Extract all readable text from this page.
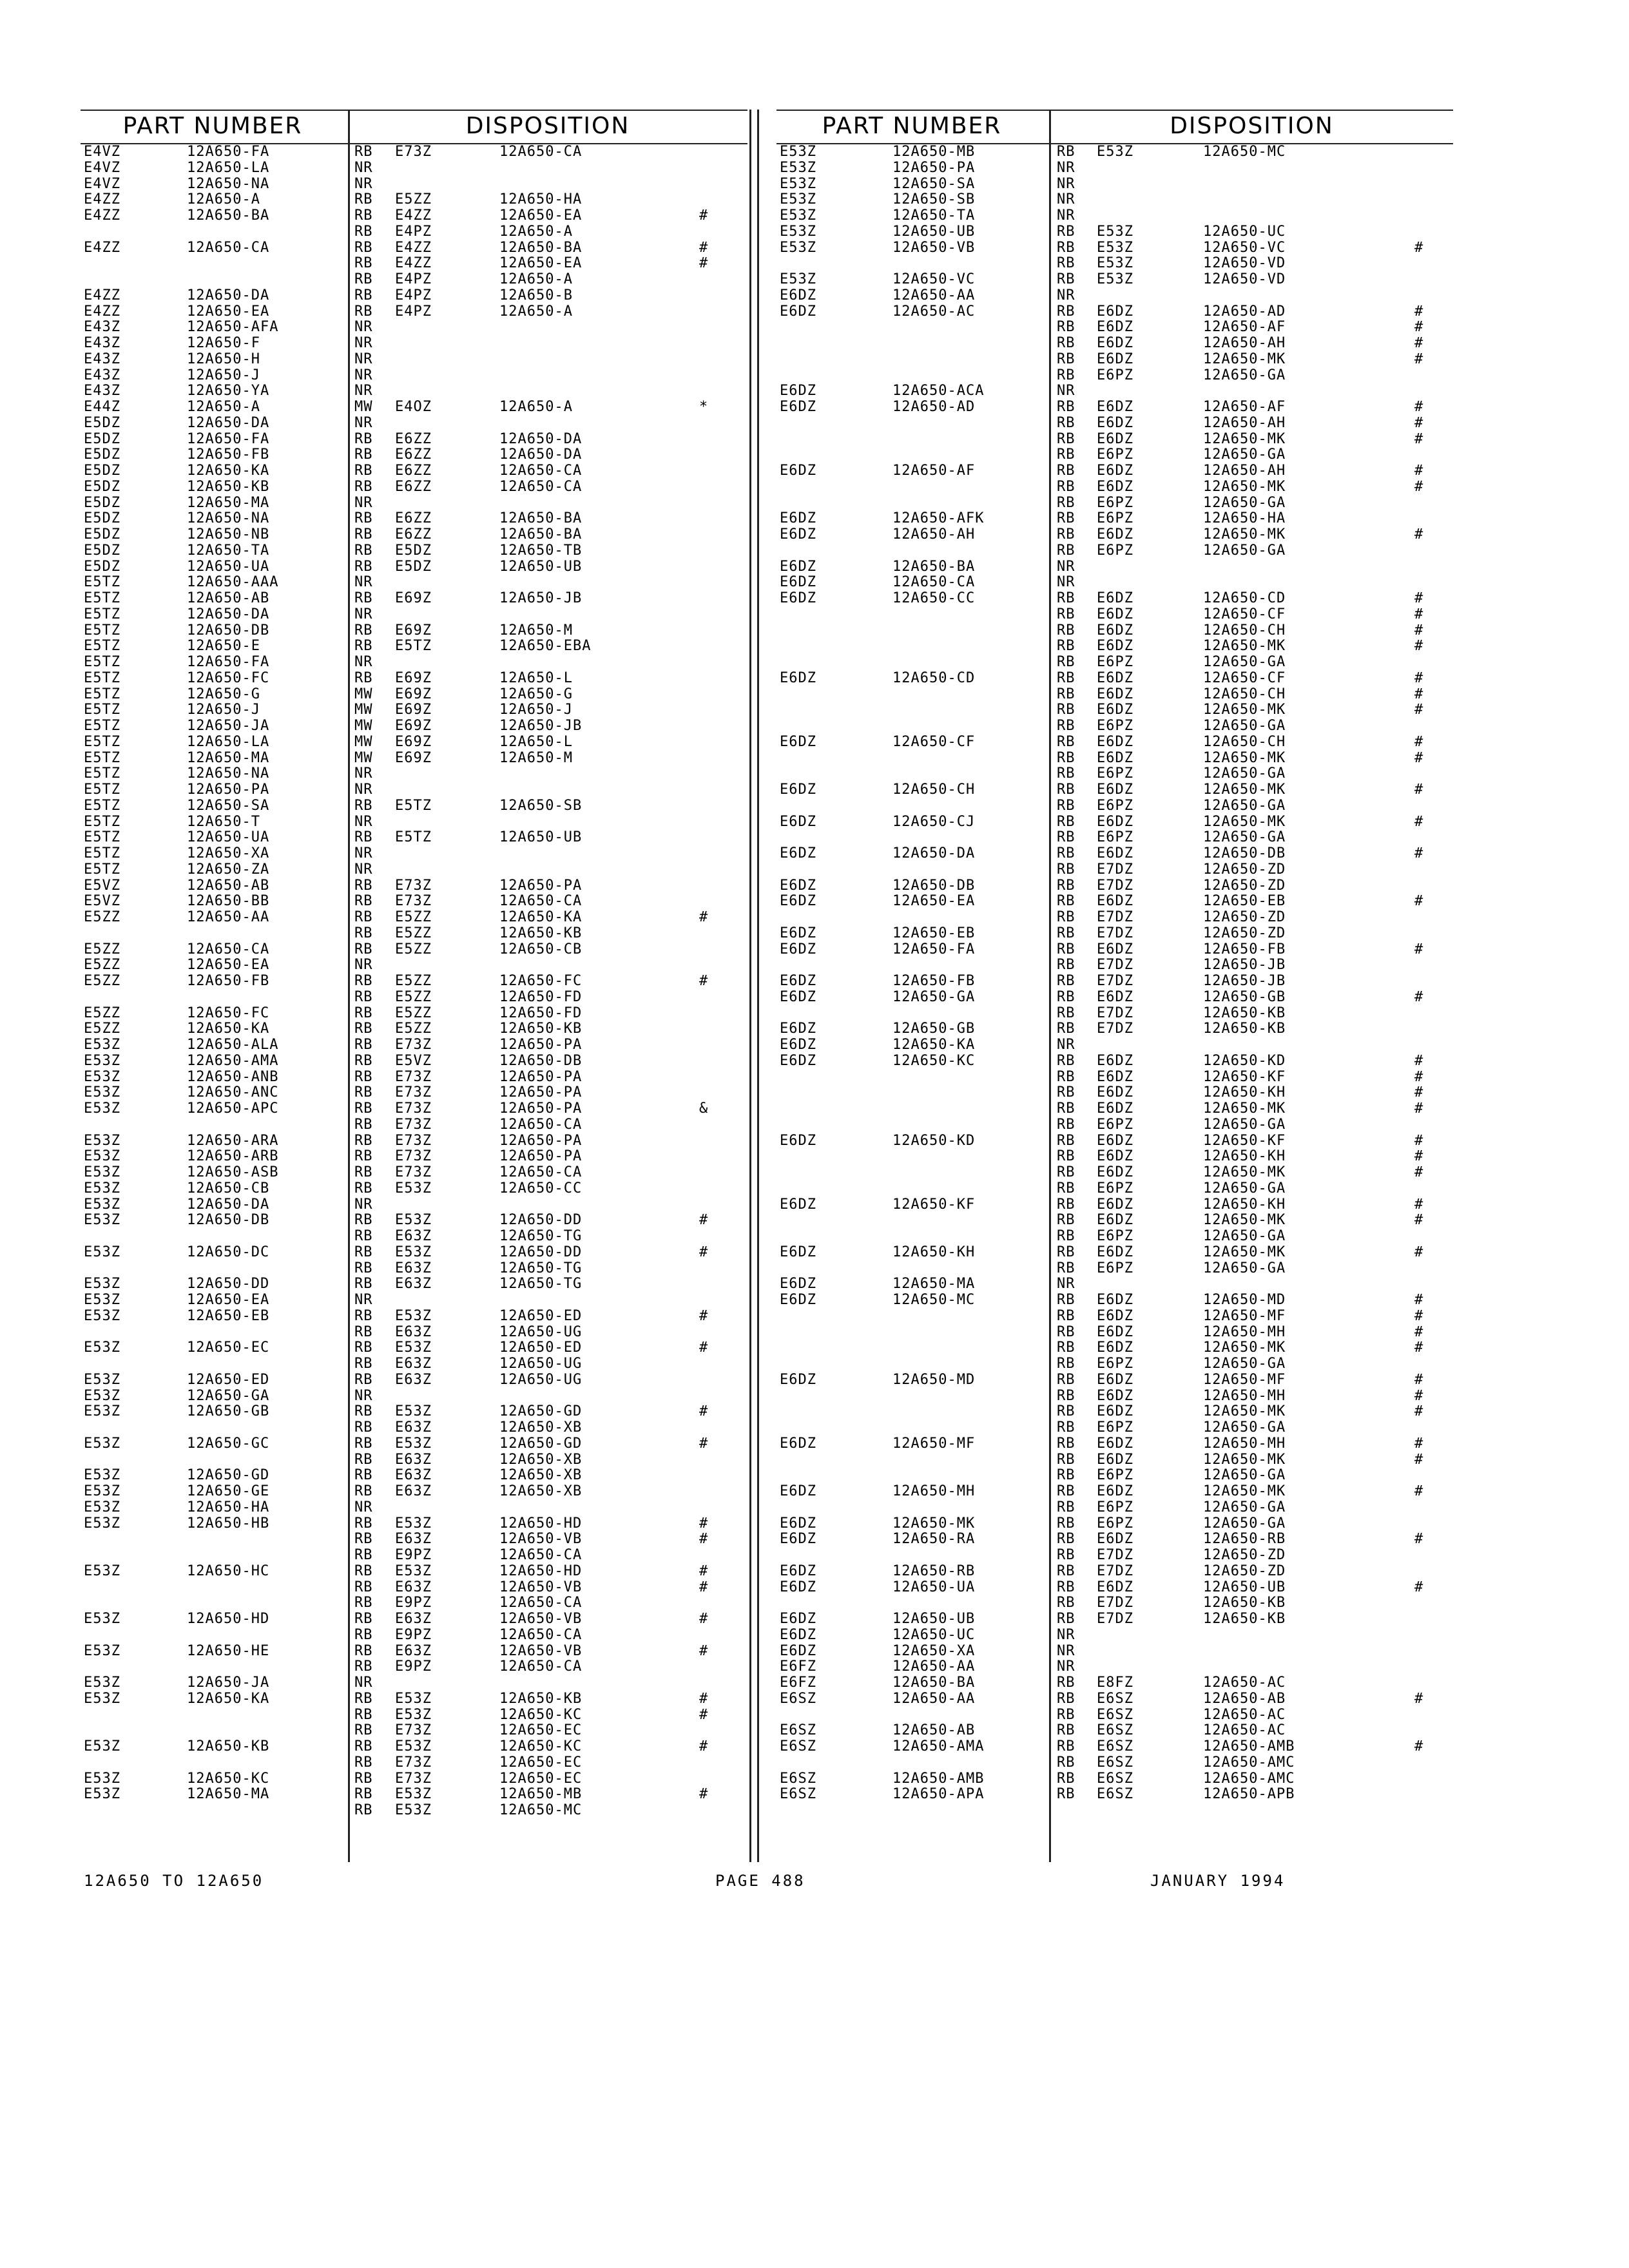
PART NUMBER	DISPOSITION
E4VZ	12A650-FA	RB E73Z	12A650-CA
E4VZ	12A650-LA	NR
E4VZ	12A650-NA	NR
E4ZZ	12A650-A	RB E5ZZ	12A650-HA
E4ZZ	12A650-BA	RB E4ZZ	12A650-EA	#
RB E4PZ	12A650-A
E4ZZ	12A650-CA	RB E4ZZ	12A650-BA	#
RB E4ZZ	12A650-EA	#
RB E4PZ	12A650-A
E4ZZ	12A650-DA	RB E4PZ	12A650-B
E4ZZ	12A650-EA	RB E4PZ	12A650-A
E43Z	12A650-AFA	NR
E43Z	12A650-F	NR
E43Z	12A650-H	NR
E43Z	12A650-J	NR
E43Z	12A650-YA	NR
E44Z	12A650-A	MW E4OZ	12A650-A	*
E5DZ	12A650-DA	NR
E5DZ	12A650-FA	RB E6ZZ	12A650-DA
E5DZ	12A650-FB	RB E6ZZ	12A650-DA
E5DZ	12A650-KA	RB E6ZZ	12A650-CA
E5DZ	12A650-KB	RB E6ZZ	12A650-CA
E5DZ	12A650-MA	NR
E5DZ	12A650-NA	RB E6ZZ	12A650-BA
E5DZ	12A650-NB	RB E6ZZ	12A650-BA
E5DZ	12A650-TA	RB E5DZ	12A650-TB
E5DZ	12A650-UA	RB E5DZ	12A650-UB
E5TZ	12A650-AAA	NR
E5TZ	12A650-AB	RB E69Z	12A650-JB
E5TZ	12A650-DA	NR
E5TZ	12A650-DB	RB E69Z	12A650-M
E5TZ	12A650-E	RB E5TZ	12A650-EBA
E5TZ	12A650-FA	NR
E5TZ	12A650-FC	RB E69Z	12A650-L
E5TZ	12A650-G	MW E69Z	12A650-G
E5TZ	12A650-J	MW E69Z	12A650-J
E5TZ	12A650-JA	MW E69Z	12A650-JB
E5TZ	12A650-LA	MW E69Z	12A650-L
E5TZ	12A650-MA	MW E69Z	12A650-M
E5TZ	12A650-NA	NR
E5TZ	12A650-PA	NR
E5TZ	12A650-SA	RB E5TZ	12A650-SB
E5TZ	12A650-T	NR
E5TZ	12A650-UA	RB E5TZ	12A650-UB
E5TZ	12A650-XA	NR
E5TZ	12A650-ZA	NR
E5VZ	12A650-AB	RB E73Z	12A650-PA
E5VZ	12A650-BB	RB E73Z	12A650-CA
E5ZZ	12A650-AA	RB E5ZZ	12A650-KA	#
RB E5ZZ	12A650-KB
E5ZZ	12A650-CA	RB E5ZZ	12A650-CB
E5ZZ	12A650-EA	NR
E5ZZ	12A650-FB	RB E5ZZ	12A650-FC	#
RB E5ZZ	12A650-FD
E5ZZ	12A650-FC	RB E5ZZ	12A650-FD
E5ZZ	12A650-KA	RB E5ZZ	12A650-KB
E53Z	12A650-ALA	RB E73Z	12A650-PA
E53Z	12A650-AMA	RB E5VZ	12A650-DB
E53Z	12A650-ANB	RB E73Z	12A650-PA
E53Z	12A650-ANC	RB E73Z	12A650-PA
E53Z	12A650-APC	RB E73Z	12A650-PA	&
RB E73Z	12A650-CA
E53Z	12A650-ARA	RB E73Z	12A650-PA
E53Z	12A650-ARB	RB E73Z	12A650-PA
E53Z	12A650-ASB	RB E73Z	12A650-CA
E53Z	12A650-CB	RB E53Z	12A650-CC
E53Z	12A650-DA	NR
E53Z	12A650-DB	RB E53Z	12A650-DD	#
RB E63Z	12A650-TG
E53Z	12A650-DC	RB E53Z	12A650-DD	#
RB E63Z	12A650-TG
E53Z	12A650-DD	RB E63Z	12A650-TG
E53Z	12A650-EA	NR
E53Z	12A650-EB	RB E53Z	12A650-ED	#
RB E63Z	12A650-UG
E53Z	12A650-EC	RB E53Z	12A650-ED	#
RB E63Z	12A650-UG
E53Z	12A650-ED	RB E63Z	12A650-UG
E53Z	12A650-GA	NR
E53Z	12A650-GB	RB E53Z	12A650-GD	#
RB E63Z	12A650-XB
E53Z	12A650-GC	RB E53Z	12A650-GD	#
RB E63Z	12A650-XB
E53Z	12A650-GD	RB E63Z	12A650-XB
E53Z	12A650-GE	RB E63Z	12A650-XB
E53Z	12A650-HA	NR
E53Z	12A650-HB	RB E53Z	12A650-HD	#
RB E63Z	12A650-VB	#
RB E9PZ	12A650-CA
E53Z	12A650-HC	RB E53Z	12A650-HD	#
RB E63Z	12A650-VB	#
RB E9PZ	12A650-CA
E53Z	12A650-HD	RB E63Z	12A650-VB	#
RB E9PZ	12A650-CA
E53Z	12A650-HE	RB E63Z	12A650-VB	#
RB E9PZ	12A650-CA
E53Z	12A650-JA	NR
E53Z	12A650-KA	RB E53Z	12A650-KB	#
RB E53Z	12A650-KC	#
RB E73Z	12A650-EC
E53Z	12A650-KB	RB E53Z	12A650-KC	#
RB E73Z	12A650-EC
E53Z	12A650-KC	RB E73Z	12A650-EC
E53Z	12A650-MA	RB E53Z	12A650-MB	#
RB E53Z	12A650-MC
PART NUMBER	DISPOSITION
E53Z	12A650-MB	RB E53Z	12A650-MC
E53Z	12A650-PA	NR
E53Z	12A650-SA	NR
E53Z	12A650-SB	NR
E53Z	12A650-TA	NR
E53Z	12A650-UB	RB E53Z	12A650-UC
E53Z	12A650-VB	RB E53Z	12A650-VC	#
RB E53Z	12A650-VD
E53Z	12A650-VC	RB E53Z	12A650-VD
E6DZ	12A650-AA	NR
E6DZ	12A650-AC	RB E6DZ	12A650-AD	#
RB E6DZ	12A650-AF	#
RB E6DZ	12A650-AH	#
RB E6DZ	12A650-MK	#
RB E6PZ	12A650-GA
E6DZ	12A650-ACA	NR
E6DZ	12A650-AD	RB E6DZ	12A650-AF	#
RB E6DZ	12A650-AH	#
RB E6DZ	12A650-MK	#
RB E6PZ	12A650-GA
E6DZ	12A650-AF	RB E6DZ	12A650-AH	#
RB E6DZ	12A650-MK	#
RB E6PZ	12A650-GA
E6DZ	12A650-AFK	RB E6PZ	12A650-HA
E6DZ	12A650-AH	RB E6DZ	12A650-MK	#
RB E6PZ	12A650-GA
E6DZ	12A650-BA	NR
E6DZ	12A650-CA	NR
E6DZ	12A650-CC	RB E6DZ	12A650-CD	#
RB E6DZ	12A650-CF	#
RB E6DZ	12A650-CH	#
RB E6DZ	12A650-MK	#
RB E6PZ	12A650-GA
E6DZ	12A650-CD	RB E6DZ	12A650-CF	#
RB E6DZ	12A650-CH	#
RB E6DZ	12A650-MK	#
RB E6PZ	12A650-GA
E6DZ	12A650-CF	RB E6DZ	12A650-CH	#
RB E6DZ	12A650-MK	#
RB E6PZ	12A650-GA
E6DZ	12A650-CH	RB E6DZ	12A650-MK	#
RB E6PZ	12A650-GA
E6DZ	12A650-CJ	RB E6DZ	12A650-MK	#
RB E6PZ	12A650-GA
E6DZ	12A650-DA	RB E6DZ	12A650-DB	#
RB E7DZ	12A650-ZD
E6DZ	12A650-DB	RB E7DZ	12A650-ZD
E6DZ	12A650-EA	RB E6DZ	12A650-EB	#
RB E7DZ	12A650-ZD
E6DZ	12A650-EB	RB E7DZ	12A650-ZD
E6DZ	12A650-FA	RB E6DZ	12A650-FB	#
RB E7DZ	12A650-JB
E6DZ	12A650-FB	RB E7DZ	12A650-JB
E6DZ	12A650-GA	RB E6DZ	12A650-GB	#
RB E7DZ	12A650-KB
E6DZ	12A650-GB	RB E7DZ	12A650-KB
E6DZ	12A650-KA	NR
E6DZ	12A650-KC	RB E6DZ	12A650-KD	#
RB E6DZ	12A650-KF	#
RB E6DZ	12A650-KH	#
RB E6DZ	12A650-MK	#
RB E6PZ	12A650-GA
E6DZ	12A650-KD	RB E6DZ	12A650-KF	#
RB E6DZ	12A650-KH	#
RB E6DZ	12A650-MK	#
RB E6PZ	12A650-GA
E6DZ	12A650-KF	RB E6DZ	12A650-KH	#
RB E6DZ	12A650-MK	#
RB E6PZ	12A650-GA
E6DZ	12A650-KH	RB E6DZ	12A650-MK	#
RB E6PZ	12A650-GA
E6DZ	12A650-MA	NR
E6DZ	12A650-MC	RB E6DZ	12A650-MD	#
RB E6DZ	12A650-MF	#
RB E6DZ	12A650-MH	#
RB E6DZ	12A650-MK	#
RB E6PZ	12A650-GA
E6DZ	12A650-MD	RB E6DZ	12A650-MF	#
RB E6DZ	12A650-MH	#
RB E6DZ	12A650-MK	#
RB E6PZ	12A650-GA
E6DZ	12A650-MF	RB E6DZ	12A650-MH	#
RB E6DZ	12A650-MK	#
RB E6PZ	12A650-GA
E6DZ	12A650-MH	RB E6DZ	12A650-MK	#
RB E6PZ	12A650-GA
E6DZ	12A650-MK	RB E6PZ	12A650-GA
E6DZ	12A650-RA	RB E6DZ	12A650-RB	#
RB E7DZ	12A650-ZD
E6DZ	12A650-RB	RB E7DZ	12A650-ZD
E6DZ	12A650-UA	RB E6DZ	12A650-UB	#
RB E7DZ	12A650-KB
E6DZ	12A650-UB	RB E7DZ	12A650-KB
E6DZ	12A650-UC	NR
E6DZ	12A650-XA	NR
E6FZ	12A650-AA	NR
E6FZ	12A650-BA	RB E8FZ	12A650-AC
E6SZ	12A650-AA	RB E6SZ	12A650-AB	#
RB E6SZ	12A650-AC
E6SZ	12A650-AB	RB E6SZ	12A650-AC
E6SZ	12A650-AMA	RB E6SZ	12A650-AMB	#
RB E6SZ	12A650-AMC
E6SZ	12A650-AMB	RB E6SZ	12A650-AMC
E6SZ	12A650-APA	RB E6SZ	12A650-APB
12A650 TO 12A650	PAGE 488	JANUARY 1994
